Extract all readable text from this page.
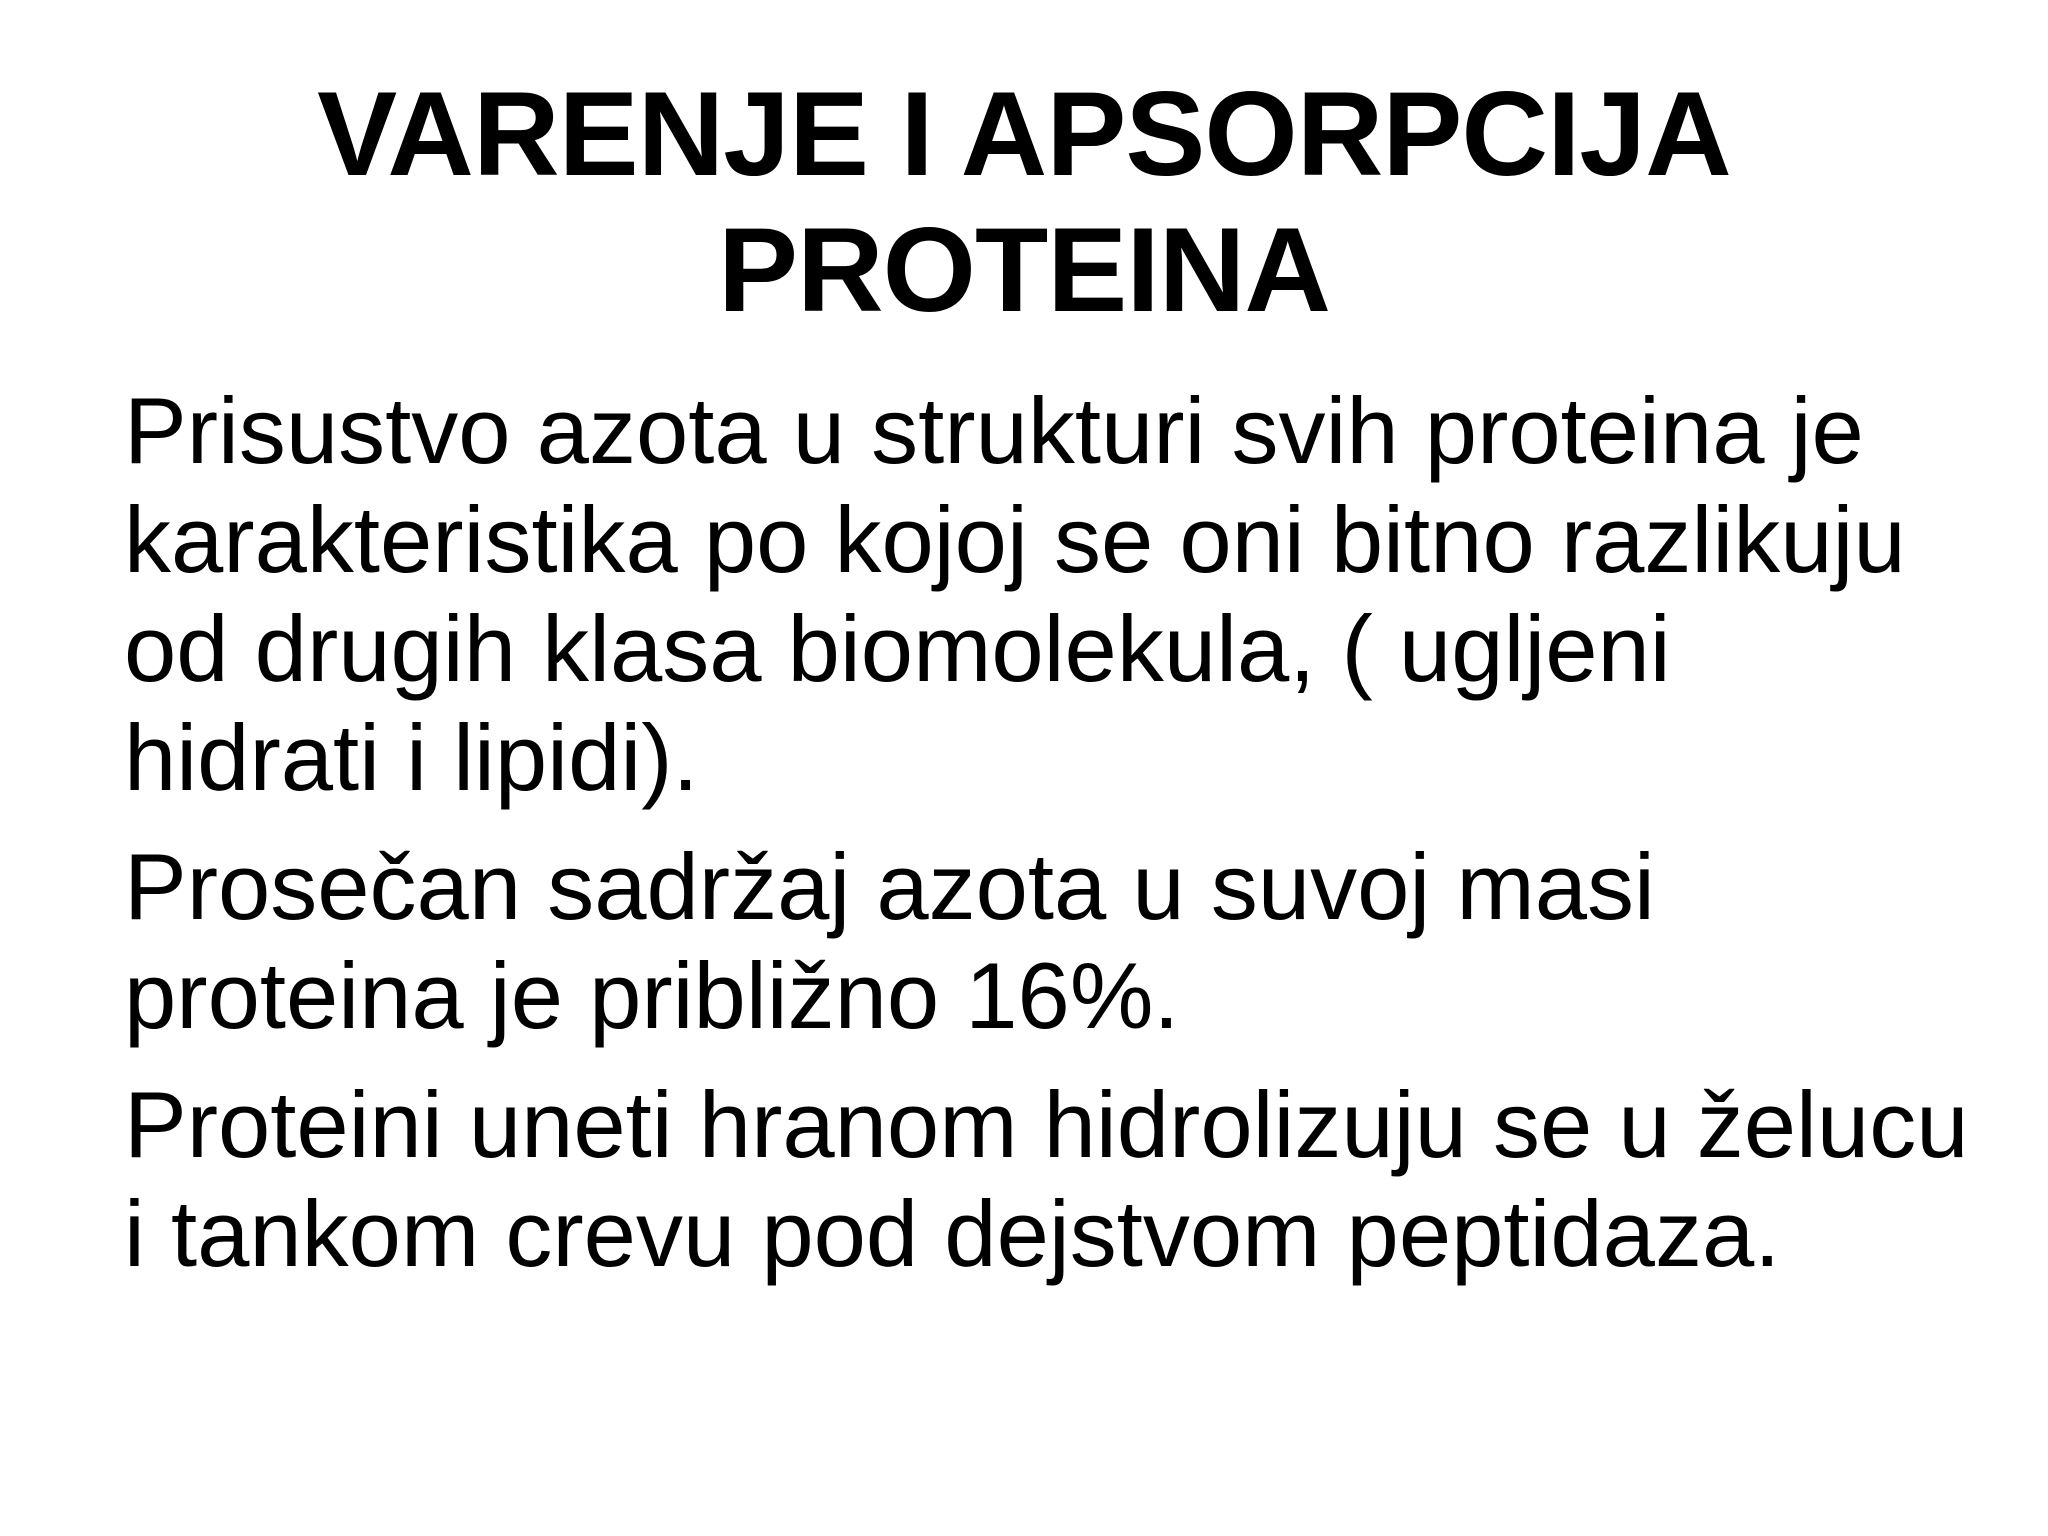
VARENJE I APSORPCIJA
PROTEINA
Prisustvo azota u strukturi svih proteina je
karakteristika po kojoj se oni bitno razlikuju
od drugih klasa biomolekula, ( ugljeni
hidrati i lipidi).
Prosečan sadržaj azota u suvoj masi
proteina je približno 16%.
Proteini uneti hranom hidrolizuju se u želucu
i tankom crevu pod dejstvom peptidaza.
